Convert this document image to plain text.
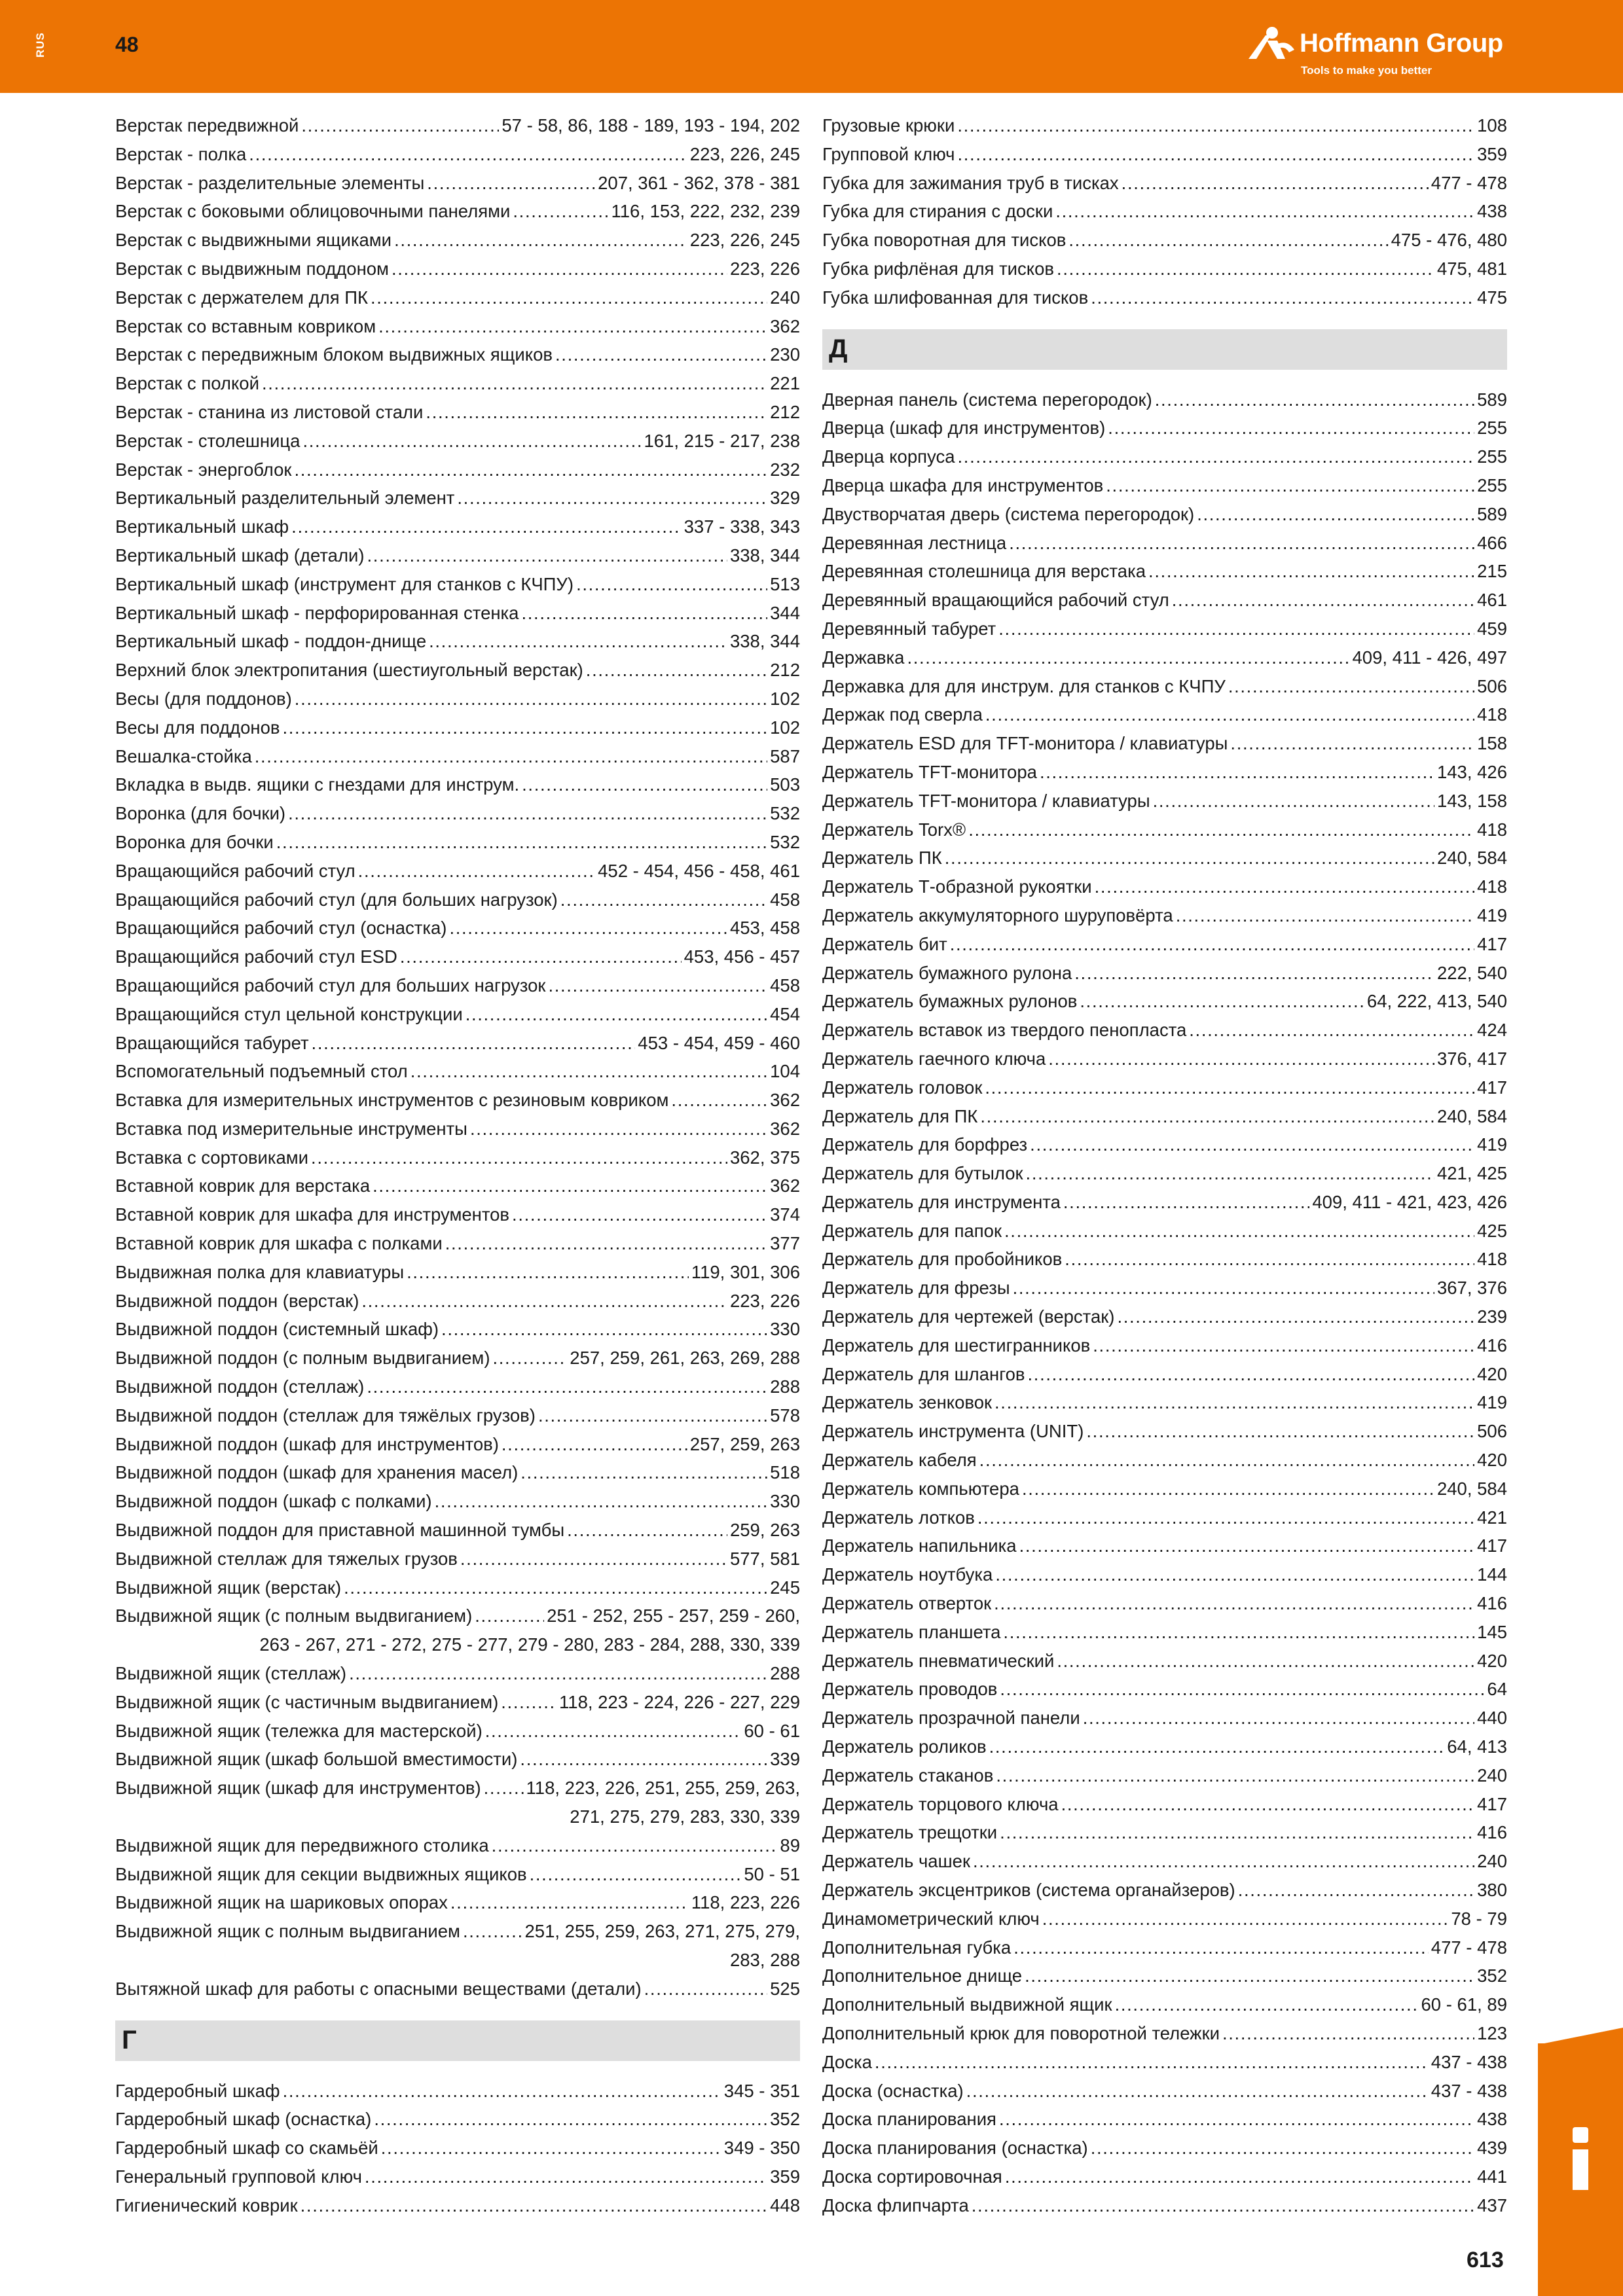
RUS	48	Hoffmann Group
Tools to make you better
Верстак передвижной . . .	57 - 58, 86, 188 - 189, 193 - 194, 202
Верстак - полка . . .	223, 226, 245
Верстак - разделительные элементы . . .	207, 361 - 362, 378 - 381
Верстак с боковыми облицовочными панелями . . .	116, 153, 222, 232, 239
Верстак с выдвижными ящиками . . .	223, 226, 245
Верстак с выдвижным поддоном . . .	223, 226
Верстак с держателем для ПК . . .	240
Верстак со вставным ковриком . . .	362
Верстак с передвижным блоком выдвижных ящиков . . .	230
Верстак с полкой . . .	221
Верстак - станина из листовой стали . . .	212
Верстак - столешница . . .	161, 215 - 217, 238
Верстак - энергоблок . . .	232
Вертикальный разделительный элемент . . .	329
Вертикальный шкаф . . .	337 - 338, 343
Вертикальный шкаф (детали) . . .	338, 344
Вертикальный шкаф (инструмент для станков с КЧПУ) . . .	513
Вертикальный шкаф - перфорированная стенка . . .	344
Вертикальный шкаф - поддон-днище . . .	338, 344
Верхний блок электропитания (шестиугольный верстак) . . .	212
Весы (для поддонов) . . .	102
Весы для поддонов . . .	102
Вешалка-стойка . . .	587
Вкладка в выдв. ящики с гнездами для инструм. . . .	503
Воронка (для бочки) . . .	532
Воронка для бочки . . .	532
Вращающийся рабочий стул . . .	452 - 454, 456 - 458, 461
Вращающийся рабочий стул (для больших нагрузок) . . .	458
Вращающийся рабочий стул (оснастка) . . .	453, 458
Вращающийся рабочий стул ESD . . .	453, 456 - 457
Вращающийся рабочий стул для больших нагрузок . . .	458
Вращающийся стул цельной конструкции . . .	454
Вращающийся табурет . . .	453 - 454, 459 - 460
Вспомогательный подъемный стол . . .	104
Вставка для измерительных инструментов с резиновым ковриком . . .	362
Вставка под измерительные инструменты . . .	362
Вставка с сортовиками . . .	362, 375
Вставной коврик для верстака . . .	362
Вставной коврик для шкафа для инструментов . . .	374
Вставной коврик для шкафа с полками . . .	377
Выдвижная полка для клавиатуры . . .	119, 301, 306
Выдвижной поддон (верстак) . . .	223, 226
Выдвижной поддон (системный шкаф) . . .	330
Выдвижной поддон (с полным выдвиганием) . . .	257, 259, 261, 263, 269, 288
Выдвижной поддон (стеллаж) . . .	288
Выдвижной поддон (стеллаж для тяжёлых грузов) . . .	578
Выдвижной поддон (шкаф для инструментов) . . .	257, 259, 263
Выдвижной поддон (шкаф для хранения масел) . . .	518
Выдвижной поддон (шкаф с полками) . . .	330
Выдвижной поддон для приставной машинной тумбы . . .	259, 263
Выдвижной стеллаж для тяжелых грузов . . .	577, 581
Выдвижной ящик (верстак) . . .	245
Выдвижной ящик (с полным выдвиганием) . . .	251 - 252, 255 - 257, 259 - 260,
263 - 267, 271 - 272, 275 - 277, 279 - 280, 283 - 284, 288, 330, 339
Выдвижной ящик (стеллаж) . . .	288
Выдвижной ящик (с частичным выдвиганием) . . .	118, 223 - 224, 226 - 227, 229
Выдвижной ящик (тележка для мастерской) . . .	60 - 61
Выдвижной ящик (шкаф большой вместимости) . . .	339
Выдвижной ящик (шкаф для инструментов) . . .	118, 223, 226, 251, 255, 259, 263,
271, 275, 279, 283, 330, 339
Выдвижной ящик для передвижного столика . . .	89
Выдвижной ящик для секции выдвижных ящиков . . .	50 - 51
Выдвижной ящик на шариковых опорах . . .	118, 223, 226
Выдвижной ящик с полным выдвиганием . . .	251, 255, 259, 263, 271, 275, 279,
283, 288
Вытяжной шкаф для работы с опасными веществами (детали) . . .	525
Г
Гардеробный шкаф . . .	345 - 351
Гардеробный шкаф (оснастка) . . .	352
Гардеробный шкаф со скамьёй . . .	349 - 350
Генеральный групповой ключ . . .	359
Гигиенический коврик . . .	448
Грузовые крюки . . .	108
Групповой ключ . . .	359
Губка для зажимания труб в тисках . . .	477 - 478
Губка для стирания с доски . . .	438
Губка поворотная для тисков . . .	475 - 476, 480
Губка рифлёная для тисков . . .	475, 481
Губка шлифованная для тисков . . .	475
Д
Дверная панель (система перегородок) . . .	589
Дверца (шкаф для инструментов) . . .	255
Дверца корпуса . . .	255
Дверца шкафа для инструментов . . .	255
Двустворчатая дверь (система перегородок) . . .	589
Деревянная лестница . . .	466
Деревянная столешница для верстака . . .	215
Деревянный вращающийся рабочий стул . . .	461
Деревянный табурет . . .	459
Державка . . .	409, 411 - 426, 497
Державка для для инструм. для станков с КЧПУ . . .	506
Держак под сверла . . .	418
Держатель ESD для TFT-монитора / клавиатуры . . .	158
Держатель TFT-монитора . . .	143, 426
Держатель TFT-монитора / клавиатуры . . .	143, 158
Держатель Torx® . . .	418
Держатель ПК . . .	240, 584
Держатель Т-образной рукоятки . . .	418
Держатель аккумуляторного шуруповёрта . . .	419
Держатель бит . . .	417
Держатель бумажного рулона . . .	222, 540
Держатель бумажных рулонов . . .	64, 222, 413, 540
Держатель вставок из твердого пенопласта . . .	424
Держатель гаечного ключа . . .	376, 417
Держатель головок . . .	417
Держатель для ПК . . .	240, 584
Держатель для борфрез . . .	419
Держатель для бутылок . . .	421, 425
Держатель для инструмента . . .	409, 411 - 421, 423, 426
Держатель для папок . . .	425
Держатель для пробойников . . .	418
Держатель для фрезы . . .	367, 376
Держатель для чертежей (верстак) . . .	239
Держатель для шестигранников . . .	416
Держатель для шлангов . . .	420
Держатель зенковок . . .	419
Держатель инструмента (UNIT) . . .	506
Держатель кабеля . . .	420
Держатель компьютера . . .	240, 584
Держатель лотков . . .	421
Держатель напильника . . .	417
Держатель ноутбука . . .	144
Держатель отверток . . .	416
Держатель планшета . . .	145
Держатель пневматический . . .	420
Держатель проводов . . .	64
Держатель прозрачной панели . . .	440
Держатель роликов . . .	64, 413
Держатель стаканов . . .	240
Держатель торцового ключа . . .	417
Держатель трещотки . . .	416
Держатель чашек . . .	240
Держатель эксцентриков (система органайзеров) . . .	380
Динамометрический ключ . . .	78 - 79
Дополнительная губка . . .	477 - 478
Дополнительное днище . . .	352
Дополнительный выдвижной ящик . . .	60 - 61, 89
Дополнительный крюк для поворотной тележки . . .	123
Доска . . .	437 - 438
Доска (оснастка) . . .	437 - 438
Доска планирования . . .	438
Доска планирования (оснастка) . . .	439
Доска сортировочная . . .	441
Доска флипчарта . . .	437
613
